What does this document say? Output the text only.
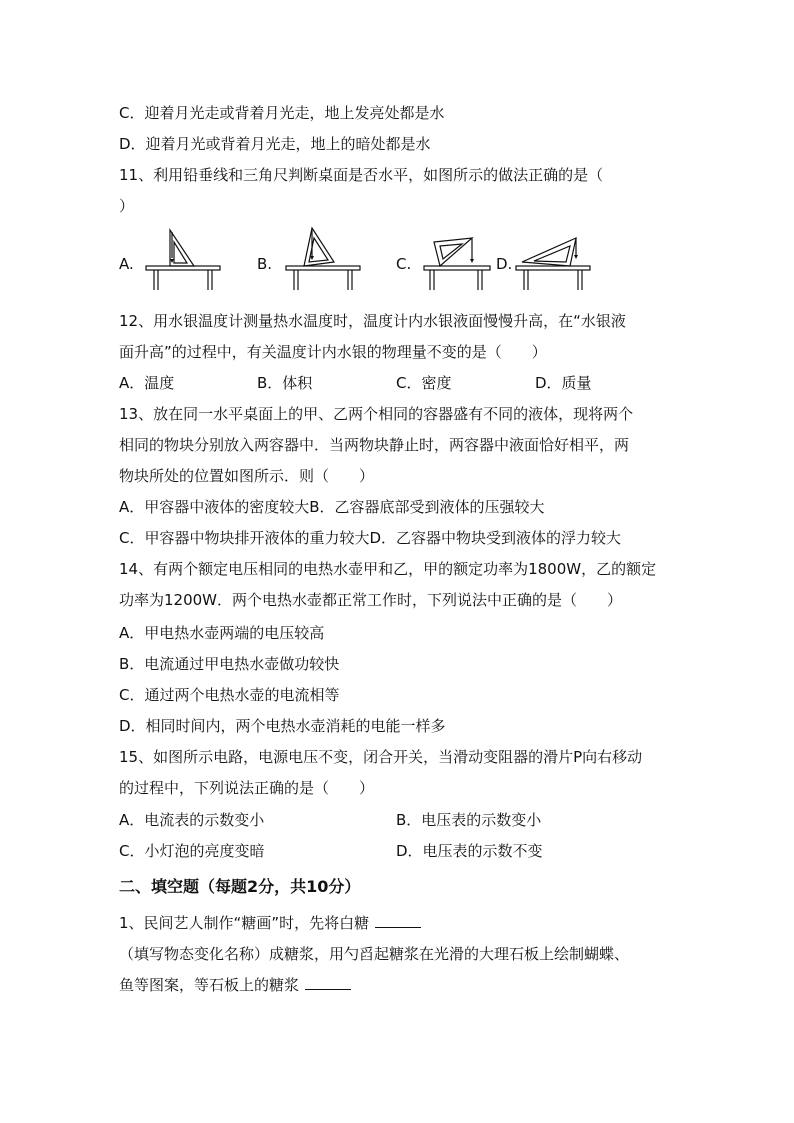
C．迎着月光走或背着月光走，地上发亮处都是水
D．迎着月光或背着月光走，地上的暗处都是水
11、利用铅垂线和三角尺判断桌面是否水平，如图所示的做法正确的是（
）
A.	B.	C.	D.
12、用水银温度计测量热水温度时，温度计内水银液面慢慢升高，在“水银液
面升高”的过程中，有关温度计内水银的物理量不变的是（　　）
A．温度	B．体积	C．密度	D．质量
13、放在同一水平桌面上的甲、乙两个相同的容器盛有不同的液体，现将两个
相同的物块分别放入两容器中．当两物块静止时，两容器中液面恰好相平，两
物块所处的位置如图所示．则（　　）
A．甲容器中液体的密度较大B．乙容器底部受到液体的压强较大
C．甲容器中物块排开液体的重力较大D．乙容器中物块受到液体的浮力较大
14、有两个额定电压相同的电热水壶甲和乙，甲的额定功率为1800W，乙的额定
功率为1200W．两个电热水壶都正常工作时，下列说法中正确的是（　　）
A．甲电热水壶两端的电压较高
B．电流通过甲电热水壶做功较快
C．通过两个电热水壶的电流相等
D．相同时间内，两个电热水壶消耗的电能一样多
15、如图所示电路，电源电压不变，闭合开关，当滑动变阻器的滑片P向右移动
的过程中，下列说法正确的是（　　）
A．电流表的示数变小	B．电压表的示数变小
C．小灯泡的亮度变暗	D．电压表的示数不变
二、填空题（每题2分，共10分）
1、民间艺人制作“糖画”时，先将白糖
（填写物态变化名称）成糖浆，用勺舀起糖浆在光滑的大理石板上绘制蝴蝶、
鱼等图案，等石板上的糖浆
